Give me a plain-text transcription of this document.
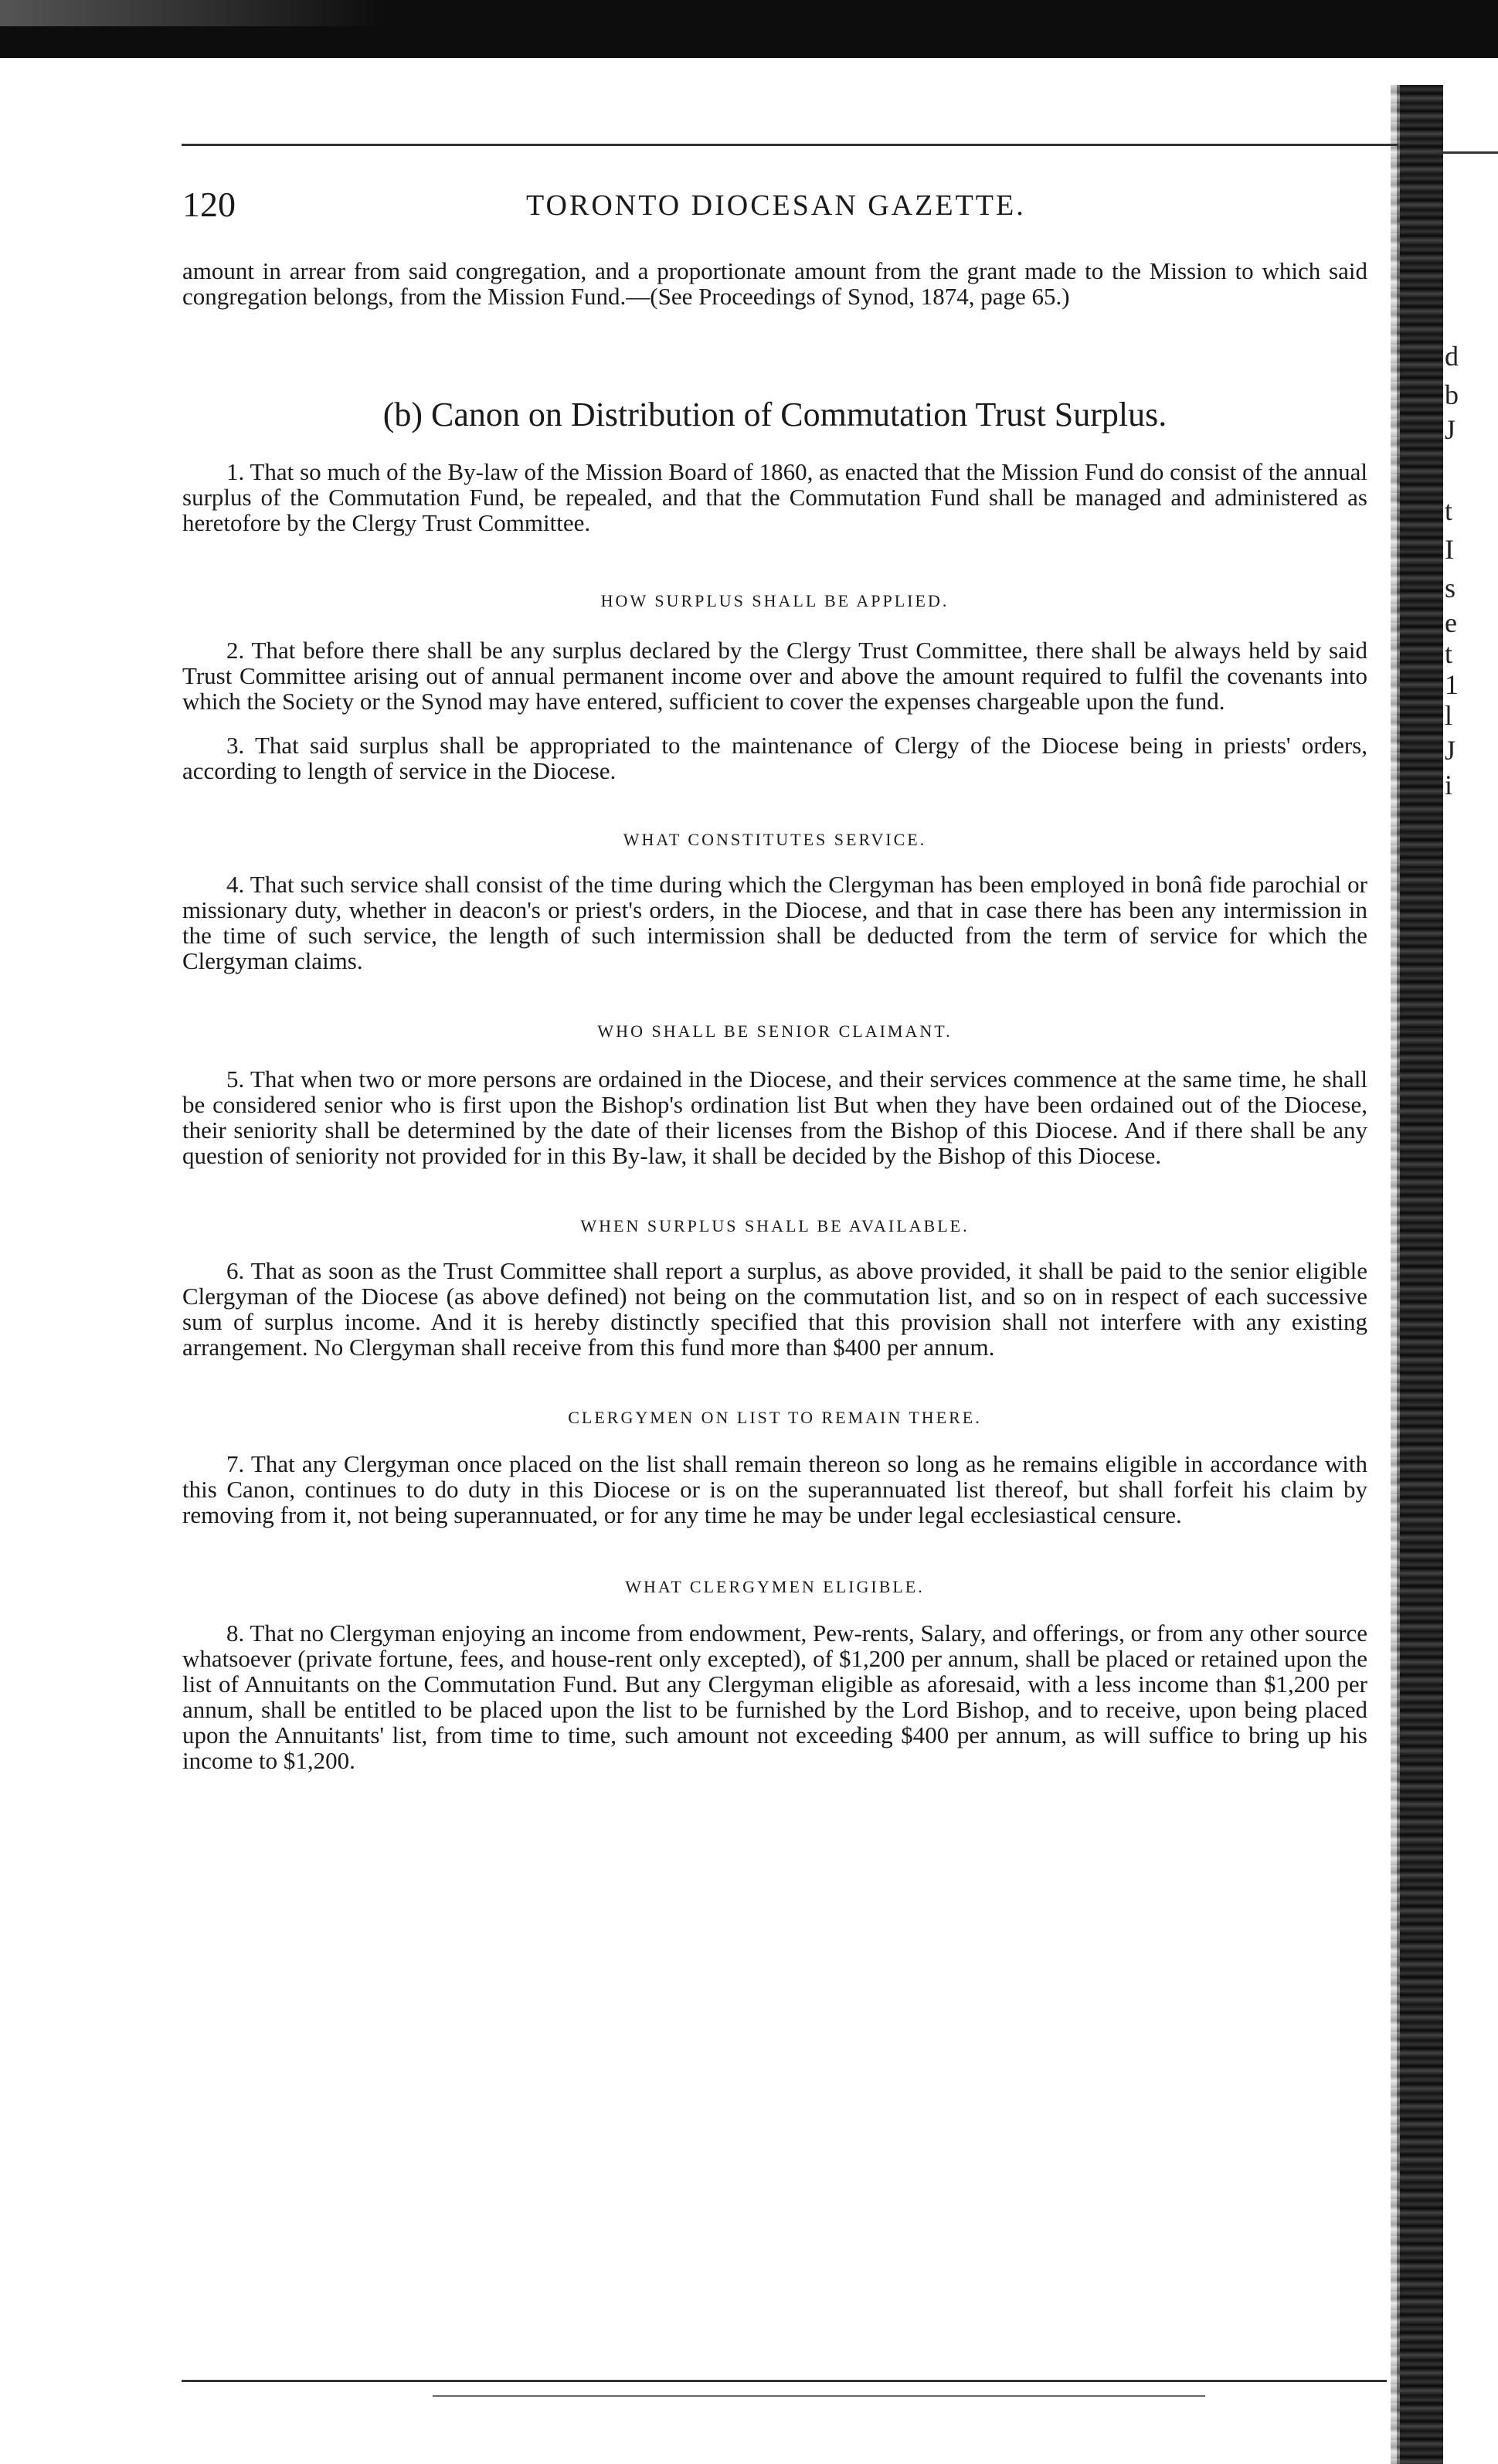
120	TORONTO DIOCESAN GAZETTE.

amount in arrear from said congregation, and a proportionate amount from the grant made to the Mission to which said congregation belongs, from the Mission Fund.—(See Proceedings of Synod, 1874, page 65.)

(b) Canon on Distribution of Commutation Trust Surplus.

1. That so much of the By-law of the Mission Board of 1860, as enacted that the Mission Fund do consist of the annual surplus of the Commutation Fund, be repealed, and that the Commutation Fund shall be managed and administered as heretofore by the Clergy Trust Committee.

HOW SURPLUS SHALL BE APPLIED.

2. That before there shall be any surplus declared by the Clergy Trust Committee, there shall be always held by said Trust Committee arising out of annual permanent income over and above the amount required to fulfil the covenants into which the Society or the Synod may have entered, sufficient to cover the expenses chargeable upon the fund.

3. That said surplus shall be appropriated to the maintenance of Clergy of the Diocese being in priests' orders, according to length of service in the Diocese.

WHAT CONSTITUTES SERVICE.

4. That such service shall consist of the time during which the Clergyman has been employed in bonâ fide parochial or missionary duty, whether in deacon's or priest's orders, in the Diocese, and that in case there has been any intermission in the time of such service, the length of such intermission shall be deducted from the term of service for which the Clergyman claims.

WHO SHALL BE SENIOR CLAIMANT.

5. That when two or more persons are ordained in the Diocese, and their services commence at the same time, he shall be considered senior who is first upon the Bishop's ordination list But when they have been ordained out of the Diocese, their seniority shall be determined by the date of their licenses from the Bishop of this Diocese. And if there shall be any question of seniority not provided for in this By-law, it shall be decided by the Bishop of this Diocese.

WHEN SURPLUS SHALL BE AVAILABLE.

6. That as soon as the Trust Committee shall report a surplus, as above provided, it shall be paid to the senior eligible Clergyman of the Diocese (as above defined) not being on the commutation list, and so on in respect of each successive sum of surplus income. And it is hereby distinctly specified that this provision shall not interfere with any existing arrangement. No Clergyman shall receive from this fund more than $400 per annum.

CLERGYMEN ON LIST TO REMAIN THERE.

7. That any Clergyman once placed on the list shall remain thereon so long as he remains eligible in accordance with this Canon, continues to do duty in this Diocese or is on the superannuated list thereof, but shall forfeit his claim by removing from it, not being superannuated, or for any time he may be under legal ecclesiastical censure.

WHAT CLERGYMEN ELIGIBLE.

8. That no Clergyman enjoying an income from endowment, Pew-rents, Salary, and offerings, or from any other source whatsoever (private fortune, fees, and house-rent only excepted), of $1,200 per annum, shall be placed or retained upon the list of Annuitants on the Commutation Fund. But any Clergyman eligible as aforesaid, with a less income than $1,200 per annum, shall be entitled to be placed upon the list to be furnished by the Lord Bishop, and to receive, upon being placed upon the Annuitants' list, from time to time, such amount not exceeding $400 per annum, as will suffice to bring up his income to $1,200.

d
b
J
t
I
s
e
t
1
l
J
i
